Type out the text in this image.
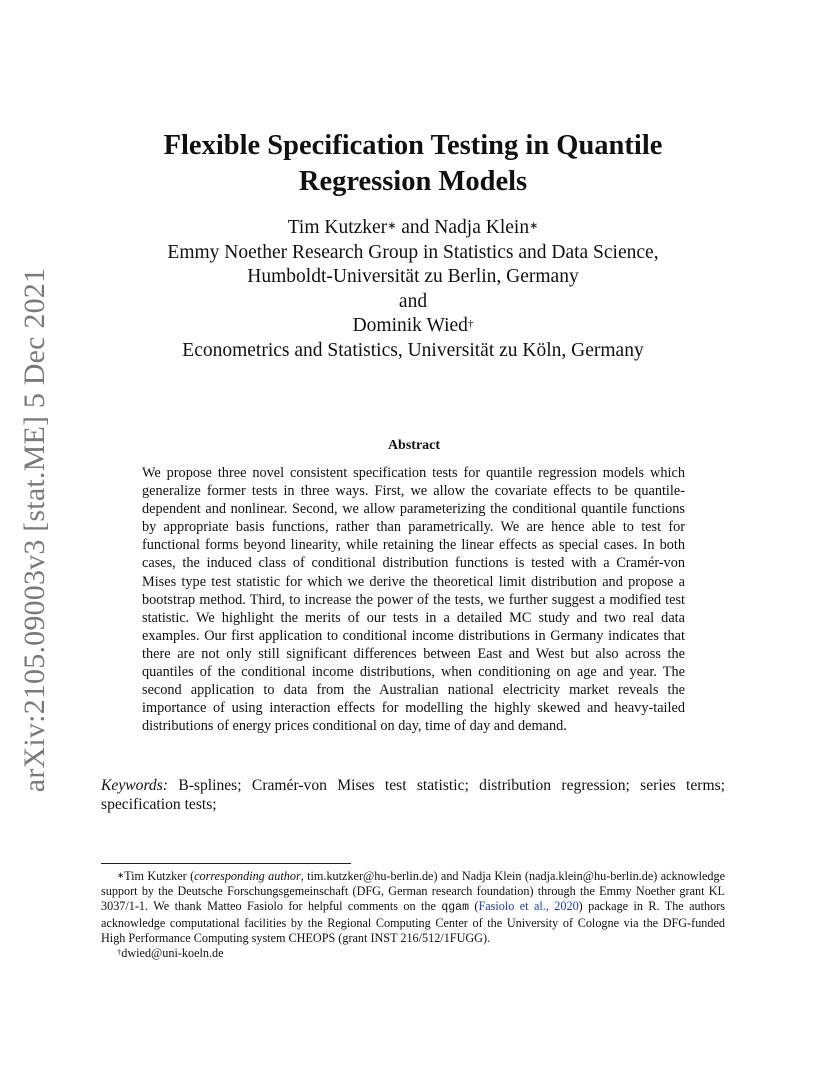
arXiv:2105.09003v3 [stat.ME] 5 Dec 2021
Flexible Specification Testing in Quantile
Regression Models
Tim Kutzker∗ and Nadja Klein∗
Emmy Noether Research Group in Statistics and Data Science,
Humboldt-Universität zu Berlin, Germany
and
Dominik Wied†
Econometrics and Statistics, Universität zu Köln, Germany
Abstract
We propose three novel consistent specification tests for quantile regression models which generalize former tests in three ways. First, we allow the covariate effects to be quantile-dependent and nonlinear. Second, we allow parameterizing the conditional quantile functions by appropriate basis functions, rather than parametrically. We are hence able to test for functional forms beyond linearity, while retaining the linear effects as special cases. In both cases, the induced class of conditional distribution functions is tested with a Cramér-von Mises type test statistic for which we derive the theoretical limit distribution and propose a bootstrap method. Third, to increase the power of the tests, we further suggest a modified test statistic. We highlight the merits of our tests in a detailed MC study and two real data examples. Our first application to conditional income distributions in Germany indicates that there are not only still significant differences between East and West but also across the quantiles of the conditional income distributions, when conditioning on age and year. The second application to data from the Australian national electricity market reveals the importance of using interaction effects for modelling the highly skewed and heavy-tailed distributions of energy prices conditional on day, time of day and demand.
Keywords: B-splines; Cramér-von Mises test statistic; distribution regression; series terms; specification tests;

∗Tim Kutzker (corresponding author, tim.kutzker@hu-berlin.de) and Nadja Klein (nadja.klein@hu-berlin.de) acknowledge support by the Deutsche Forschungsgemeinschaft (DFG, German research foundation) through the Emmy Noether grant KL 3037/1-1. We thank Matteo Fasiolo for helpful comments on the qgam (Fasiolo et al., 2020) package in R. The authors acknowledge computational facilities by the Regional Computing Center of the University of Cologne via the DFG-funded High Performance Computing system CHEOPS (grant INST 216/512/1FUGG).

†dwied@uni-koeln.de
